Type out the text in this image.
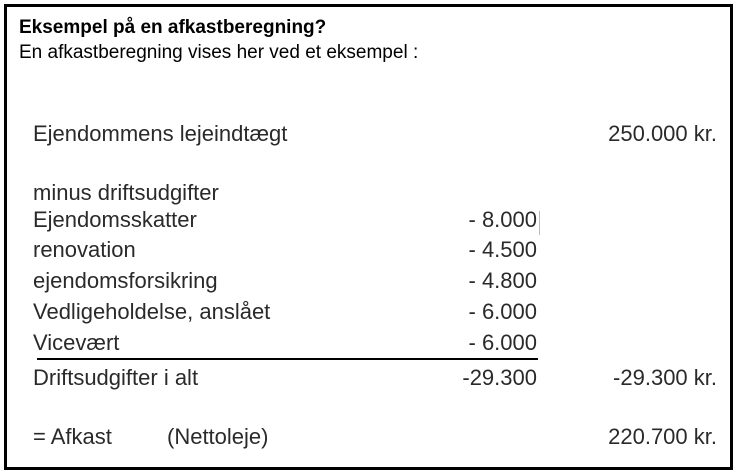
Eksempel på en afkastberegning?
En afkastberegning vises her ved et eksempel :
Ejendommens lejeindtægt	250.000 kr.
minus driftsudgifter
Ejendomsskatter	- 8.000
renovation	- 4.500
ejendomsforsikring	- 4.800
Vedligeholdelse, anslået	- 6.000
Vicevært	- 6.000
Driftsudgifter i alt	-29.300	-29.300 kr.
= Afkast	(Nettoleje)	220.700 kr.
